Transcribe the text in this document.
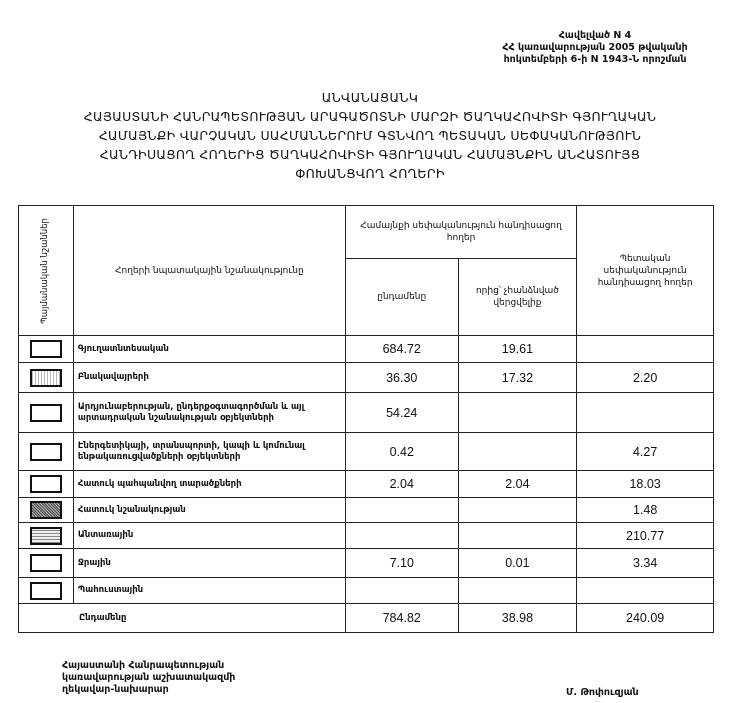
Հավելված N 4
ՀՀ կառավարության 2005 թվականի
հոկտեմբերի 6-ի N 1943-Ն որոշման
ԱՆՎԱՆԱՑԱՆԿ
ՀԱՅԱՍՏԱՆԻ ՀԱՆՐԱՊԵՏՈՒԹՅԱՆ ԱՐԱԳԱԾՈՏՆԻ ՄԱՐԶԻ ԾԱՂԿԱՀՈՎԻՏԻ ԳՅՈՒՂԱԿԱՆ
ՀԱՄԱՅՆՔԻ ՎԱՐՉԱԿԱՆ ՍԱՀՄԱՆՆԵՐՈՒՄ ԳՏՆՎՈՂ ՊԵՏԱԿԱՆ ՍԵՓԱԿԱՆՈՒԹՅՈՒՆ
ՀԱՆԴԻՍԱՑՈՂ ՀՈՂԵՐԻՑ ԾԱՂԿԱՀՈՎԻՏԻ ԳՅՈՒՂԱԿԱՆ ՀԱՄԱՅՆՔԻՆ ԱՆՀԱՏՈՒՅՑ
ՓՈԽԱՆՑՎՈՂ ՀՈՂԵՐԻ
Պայմանական նշաններ	Հողերի նպատակային նշանակությունը	Համայնքի սեփականություն հանդիսացող հողեր		Պետական սեփականություն հանդիսացող հողեր
		ընդամենը	որից՝ չհանձնված վերցվելիք	
	Գյուղատնտեսական	684.72	19.61	
	Բնակավայրերի	36.30	17.32	2.20
	Արդյունաբերության, ընդերքօգտագործման և այլ արտադրական նշանակության օբյեկտների	54.24		
	Էներգետիկայի, տրանսպորտի, կապի և կոմունալ ենթակառուցվածքների օբյեկտների	0.42		4.27
	Հատուկ պահպանվող տարածքների	2.04	2.04	18.03
	Հատուկ նշանակության			1.48
	Անտառային			210.77
	Ջրային	7.10	0.01	3.34
	Պահուստային			
Ընդամենը		784.82	38.98	240.09
Հայաստանի Հանրապետության
կառավարության աշխատակազմի
ղեկավար-նախարար	Մ. Թոփուզյան
